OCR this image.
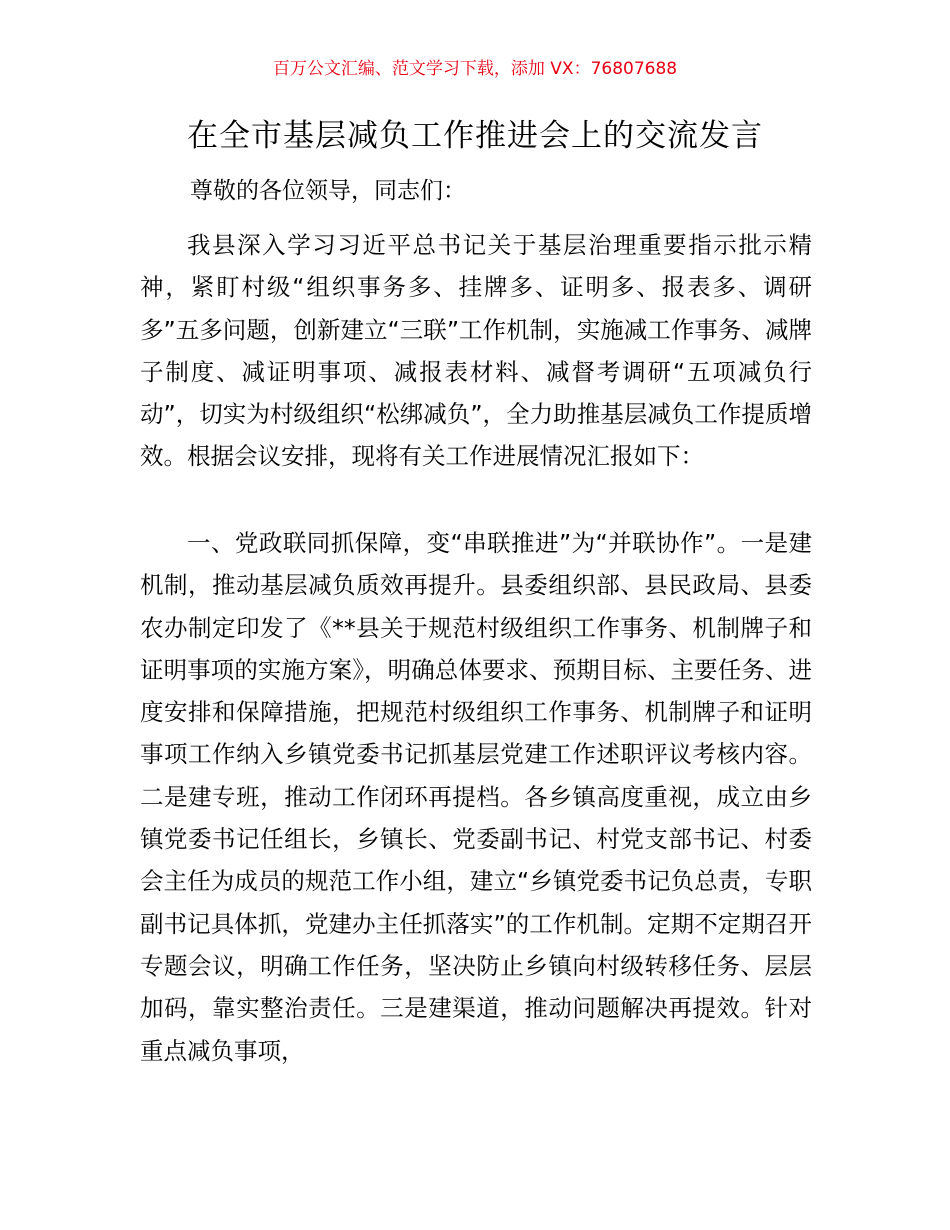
百万公文汇编、范文学习下载，添加 VX：76807688
在全市基层减负工作推进会上的交流发言
尊敬的各位领导，同志们：

我县深入学习习近平总书记关于基层治理重要指示批示精神，紧盯村级“组织事务多、挂牌多、证明多、报表多、调研多”五多问题，创新建立“三联”工作机制，实施减工作事务、减牌子制度、减证明事项、减报表材料、减督考调研“五项减负行动”，切实为村级组织“松绑减负”，全力助推基层减负工作提质增效。根据会议安排，现将有关工作进展情况汇报如下：

一、党政联同抓保障，变“串联推进”为“并联协作”。一是建机制，推动基层减负质效再提升。县委组织部、县民政局、县委农办制定印发了《**县关于规范村级组织工作事务、机制牌子和证明事项的实施方案》，明确总体要求、预期目标、主要任务、进度安排和保障措施，把规范村级组织工作事务、机制牌子和证明事项工作纳入乡镇党委书记抓基层党建工作述职评议考核内容。二是建专班，推动工作闭环再提档。各乡镇高度重视，成立由乡镇党委书记任组长，乡镇长、党委副书记、村党支部书记、村委会主任为成员的规范工作小组，建立“乡镇党委书记负总责，专职副书记具体抓，党建办主任抓落实”的工作机制。定期不定期召开专题会议，明确工作任务，坚决防止乡镇向村级转移任务、层层加码，靠实整治责任。三是建渠道，推动问题解决再提效。针对重点减负事项，
